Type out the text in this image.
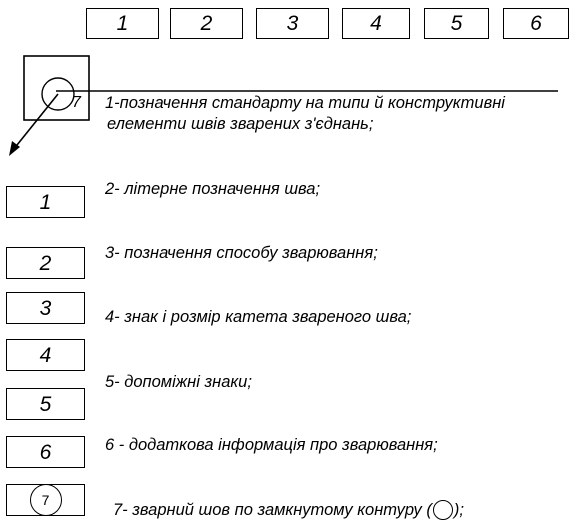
1	2	3	4	5	6
7 1-позначення стандарту на типи й конструктивні
елементи швів зварених з'єднань;
1
2- літерне позначення шва;
2	3- позначення способу зварювання;
3	4- знак і розмір катета звареного шва;
4
5- допоміжні знаки;
5
6 - додаткова інформація про зварювання;
6
7
7- зварний шов по замкнутому контуру ( );
